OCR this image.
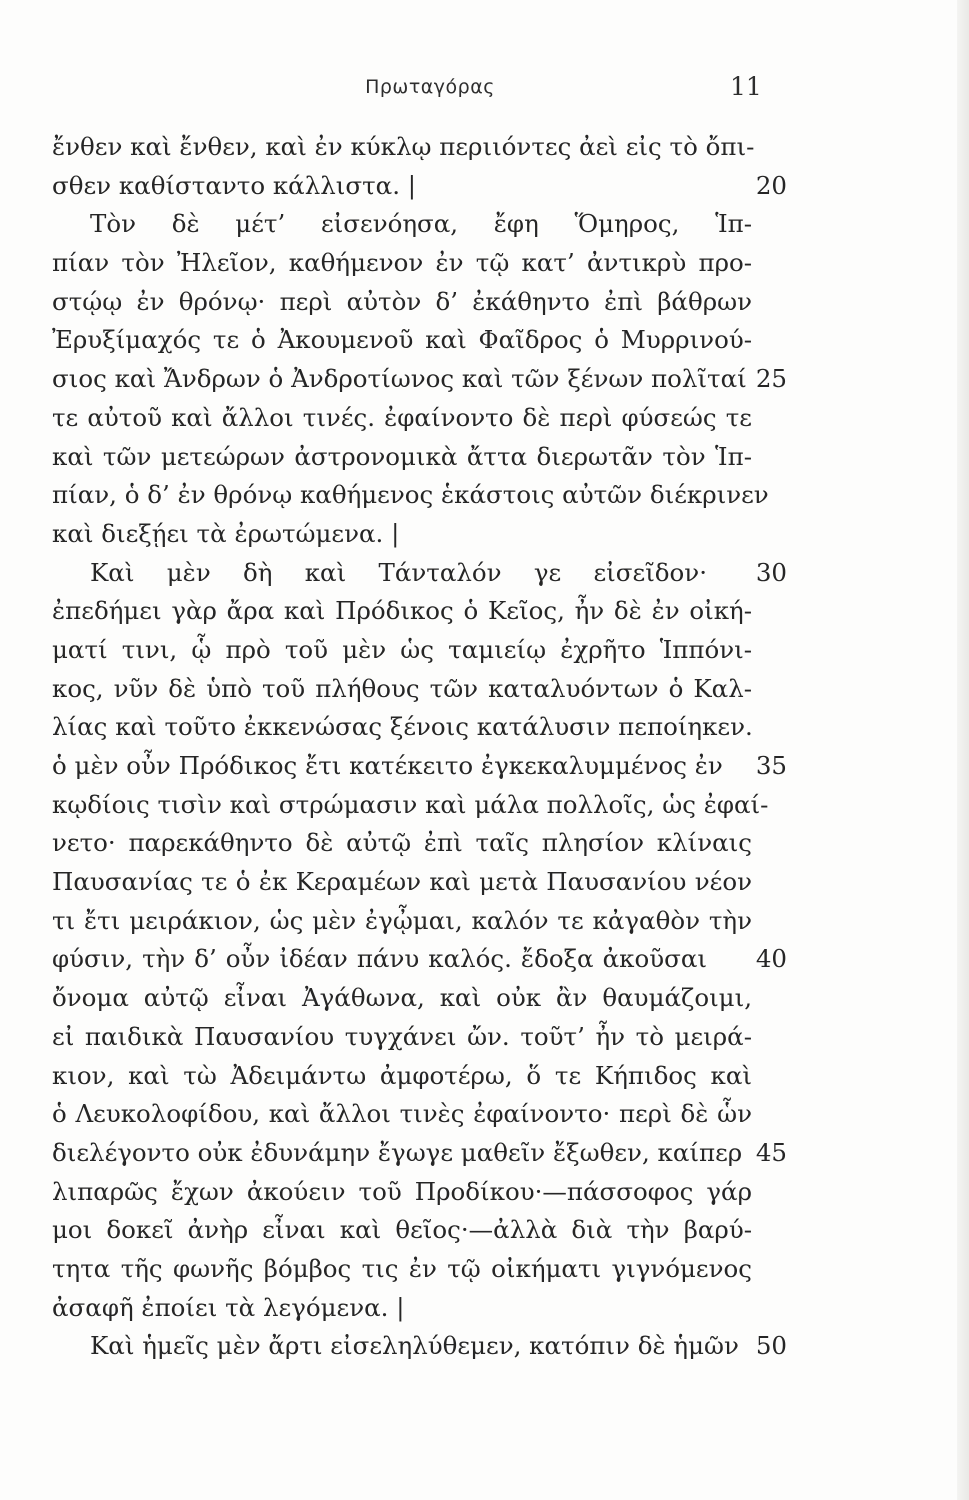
Πρωταγόρας	11
ἔνθεν καὶ ἔνθεν, καὶ ἐν κύκλῳ περιιόντες ἀεὶ εἰς τὸ ὄπι-
σθεν καθίσταντο κάλλιστα. |	20
Τὸν δὲ μέτ’ εἰσενόησα, ἔφη Ὅμηρος, Ἱπ-
πίαν τὸν Ἠλεῖον, καθήμενον ἐν τῷ κατ’ ἀντικρὺ προ-
στῴῳ ἐν θρόνῳ· περὶ αὐτὸν δ’ ἐκάθηντο ἐπὶ βάθρων
Ἐρυξίμαχός τε ὁ Ἀκουμενοῦ καὶ Φαῖδρος ὁ Μυρρινού-
σιος καὶ Ἄνδρων ὁ Ἀνδροτίωνος καὶ τῶν ξένων πολῖταί 25
τε αὐτοῦ καὶ ἄλλοι τινές. ἐφαίνοντο δὲ περὶ φύσεώς τε
καὶ τῶν μετεώρων ἀστρονομικὰ ἄττα διερωτᾶν τὸν Ἱπ-
πίαν, ὁ δ’ ἐν θρόνῳ καθήμενος ἑκάστοις αὐτῶν διέκρινεν
καὶ διεξῄει τὰ ἐρωτώμενα. |
Καὶ μὲν δὴ καὶ Τάνταλόν γε εἰσεῖδον·	30
ἐπεδήμει γὰρ ἄρα καὶ Πρόδικος ὁ Κεῖος, ἦν δὲ ἐν οἰκή-
ματί τινι, ᾧ πρὸ τοῦ μὲν ὡς ταμιείῳ ἐχρῆτο Ἱππόνι-
κος, νῦν δὲ ὑπὸ τοῦ πλήθους τῶν καταλυόντων ὁ Καλ-
λίας καὶ τοῦτο ἐκκενώσας ξένοις κατάλυσιν πεποίηκεν.
ὁ μὲν οὖν Πρόδικος ἔτι κατέκειτο ἐγκεκαλυμμένος ἐν	35
κῳδίοις τισὶν καὶ στρώμασιν καὶ μάλα πολλοῖς, ὡς ἐφαί-
νετο· παρεκάθηντο δὲ αὐτῷ ἐπὶ ταῖς πλησίον κλίναις
Παυσανίας τε ὁ ἐκ Κεραμέων καὶ μετὰ Παυσανίου νέον
τι ἔτι μειράκιον, ὡς μὲν ἐγᾦμαι, καλόν τε κἀγαθὸν τὴν
φύσιν, τὴν δ’ οὖν ἰδέαν πάνυ καλός. ἔδοξα ἀκοῦσαι	40
ὄνομα αὐτῷ εἶναι Ἀγάθωνα, καὶ οὐκ ἂν θαυμάζοιμι,
εἰ παιδικὰ Παυσανίου τυγχάνει ὤν. τοῦτ’ ἦν τὸ μειρά-
κιον, καὶ τὼ Ἀδειμάντω ἀμφοτέρω, ὅ τε Κήπιδος καὶ
ὁ Λευκολοφίδου, καὶ ἄλλοι τινὲς ἐφαίνοντο· περὶ δὲ ὧν
διελέγοντο οὐκ ἐδυνάμην ἔγωγε μαθεῖν ἔξωθεν, καίπερ 45
λιπαρῶς ἔχων ἀκούειν τοῦ Προδίκου·—πάσσοφος γάρ
μοι δοκεῖ ἀνὴρ εἶναι καὶ θεῖος·—ἀλλὰ διὰ τὴν βαρύ-
τητα τῆς φωνῆς βόμβος τις ἐν τῷ οἰκήματι γιγνόμενος
ἀσαφῆ ἐποίει τὰ λεγόμενα. |
Καὶ ἡμεῖς μὲν ἄρτι εἰσεληλύθεμεν, κατόπιν δὲ ἡμῶν 50
